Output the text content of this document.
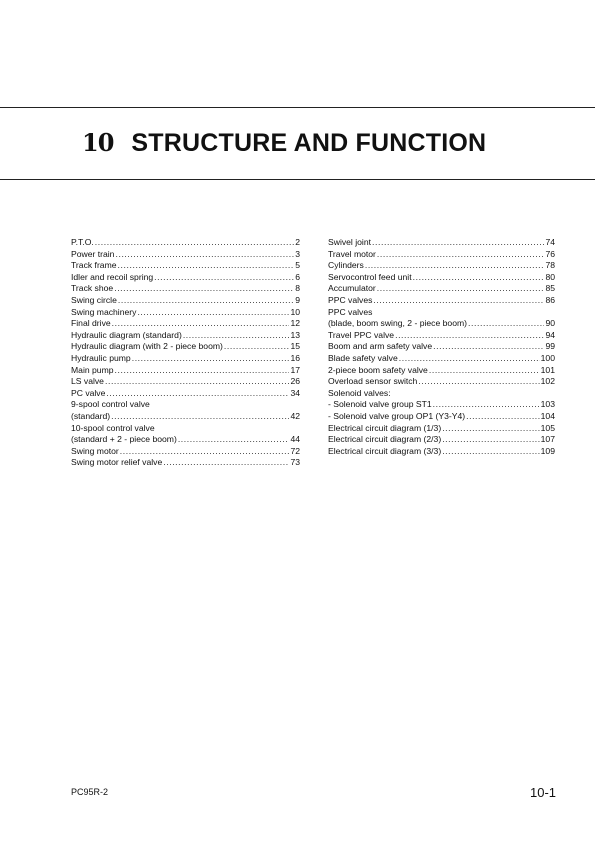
10 STRUCTURE AND FUNCTION
P.T.O. .....	2
Power train .....	3
Track frame .....	5
Idler and recoil spring .....	6
Track shoe .....	8
Swing circle .....	9
Swing machinery .....	10
Final drive .....	12
Hydraulic diagram (standard) .....	13
Hydraulic diagram (with 2 - piece boom) .....	15
Hydraulic pump .....	16
Main pump .....	17
LS valve .....	26
PC valve .....	34
9-spool control valve
(standard) .....	42
10-spool control valve
(standard + 2 - piece boom) .....	44
Swing motor .....	72
Swing motor relief valve .....	73
Swivel joint .....	74
Travel motor .....	76
Cylinders .....	78
Servocontrol feed unit .....	80
Accumulator .....	85
PPC valves .....	86
PPC valves
(blade, boom swing, 2 - piece boom) .....	90
Travel PPC valve .....	94
Boom and arm safety valve .....	99
Blade safety valve .....	100
2-piece boom safety valve .....	101
Overload sensor switch .....	102
Solenoid valves:
- Solenoid valve group ST1 .....	103
- Solenoid valve group OP1 (Y3-Y4) .....	104
Electrical circuit diagram (1/3) .....	105
Electrical circuit diagram (2/3) .....	107
Electrical circuit diagram (3/3) .....	109
PC95R-2	10-1
